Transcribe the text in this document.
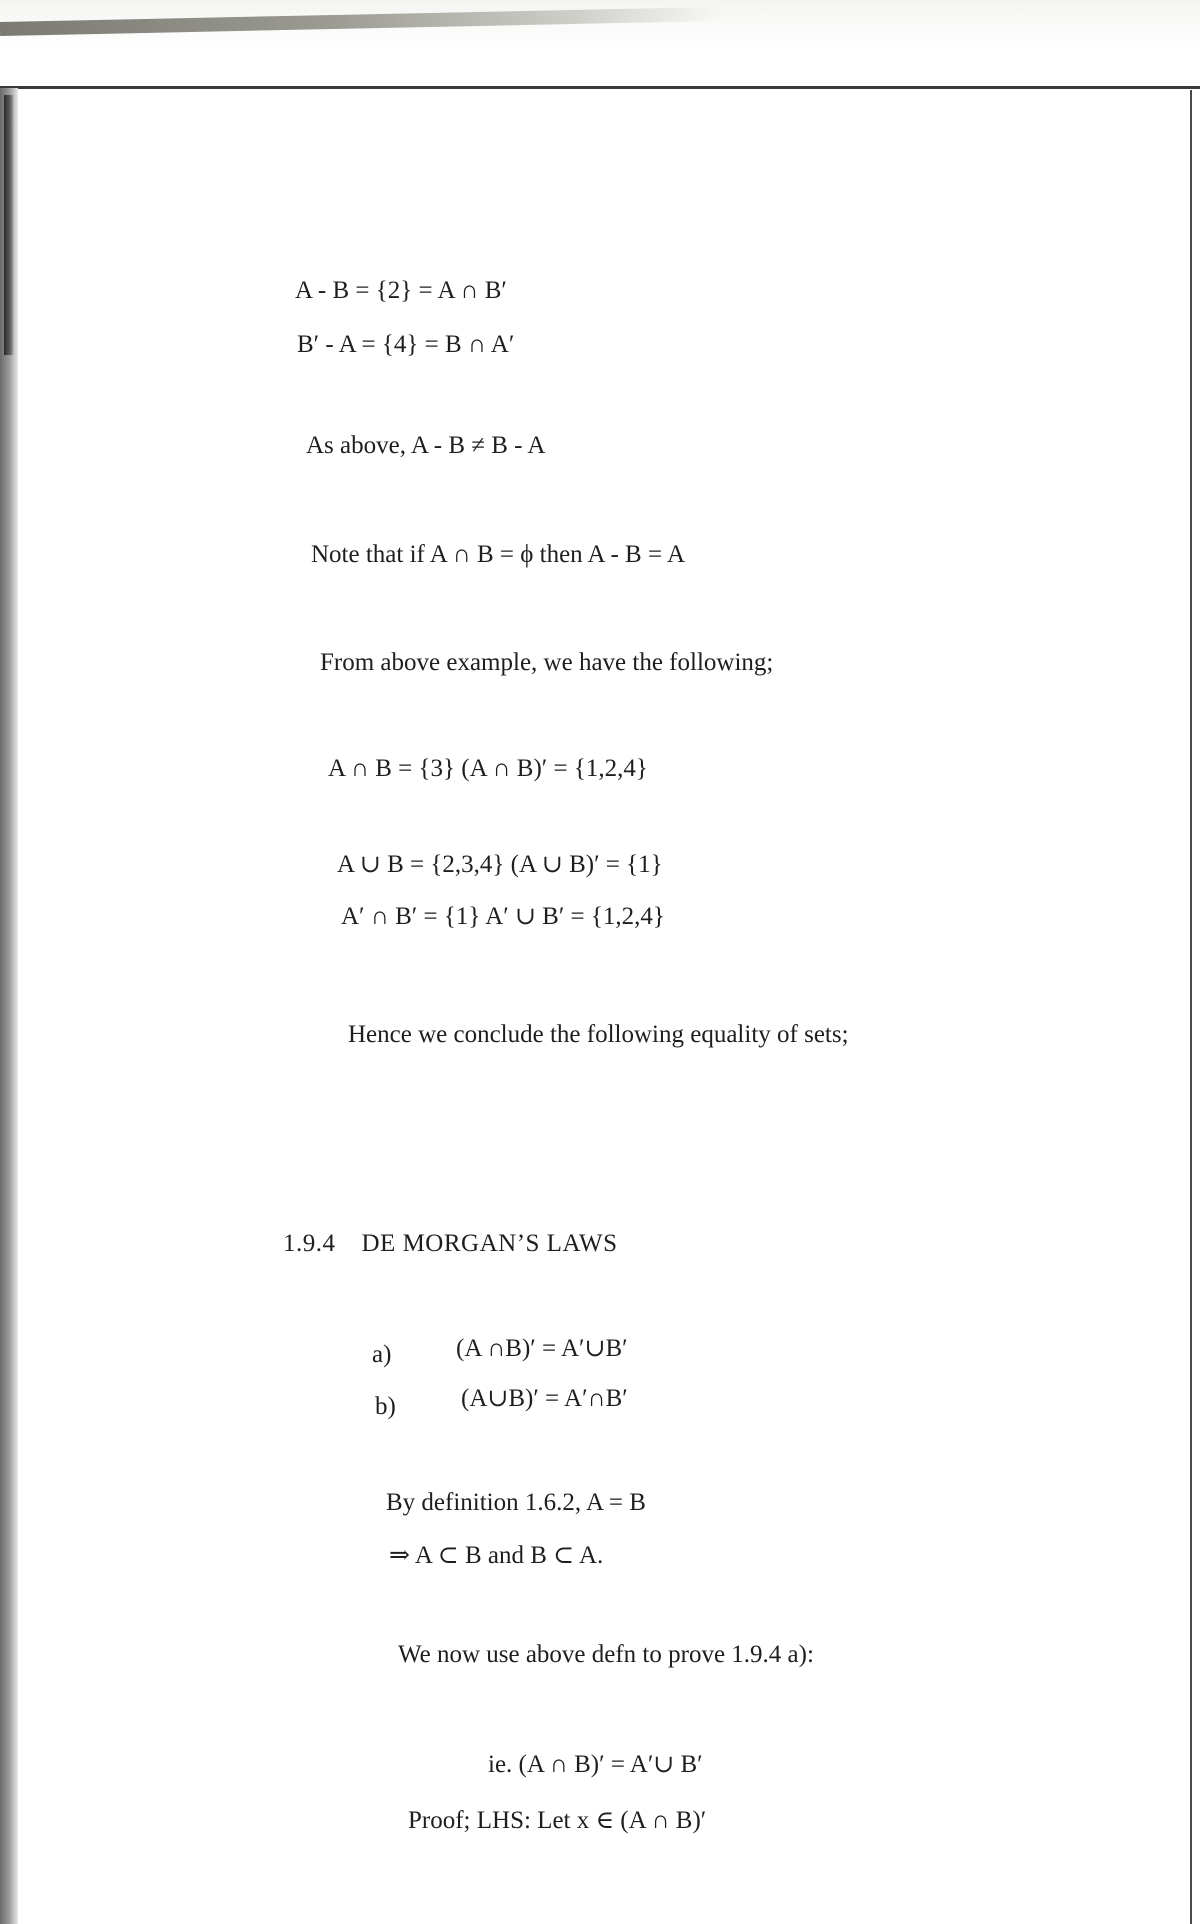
A - B = {2} = A ∩ B′
B′ - A = {4} = B ∩ A′
As above, A - B ≠ B - A
Note that if A ∩ B = ϕ then A - B = A
From above example, we have the following;
A ∩ B = {3} (A ∩ B)′ = {1,2,4}
A ∪ B = {2,3,4} (A ∪ B)′ = {1}
A′ ∩ B′ = {1} A′ ∪ B′ = {1,2,4}
Hence we conclude the following equality of sets;
1.9.4 DE MORGAN’S LAWS
a)	(A ∩B)′ = A′∪B′
b)	(A∪B)′ = A′∩B′
By definition 1.6.2, A = B
⇒ A ⊂ B and B ⊂ A.
We now use above defn to prove 1.9.4 a):
ie. (A ∩ B)′ = A′∪ B′
Proof; LHS: Let x ∈ (A ∩ B)′
